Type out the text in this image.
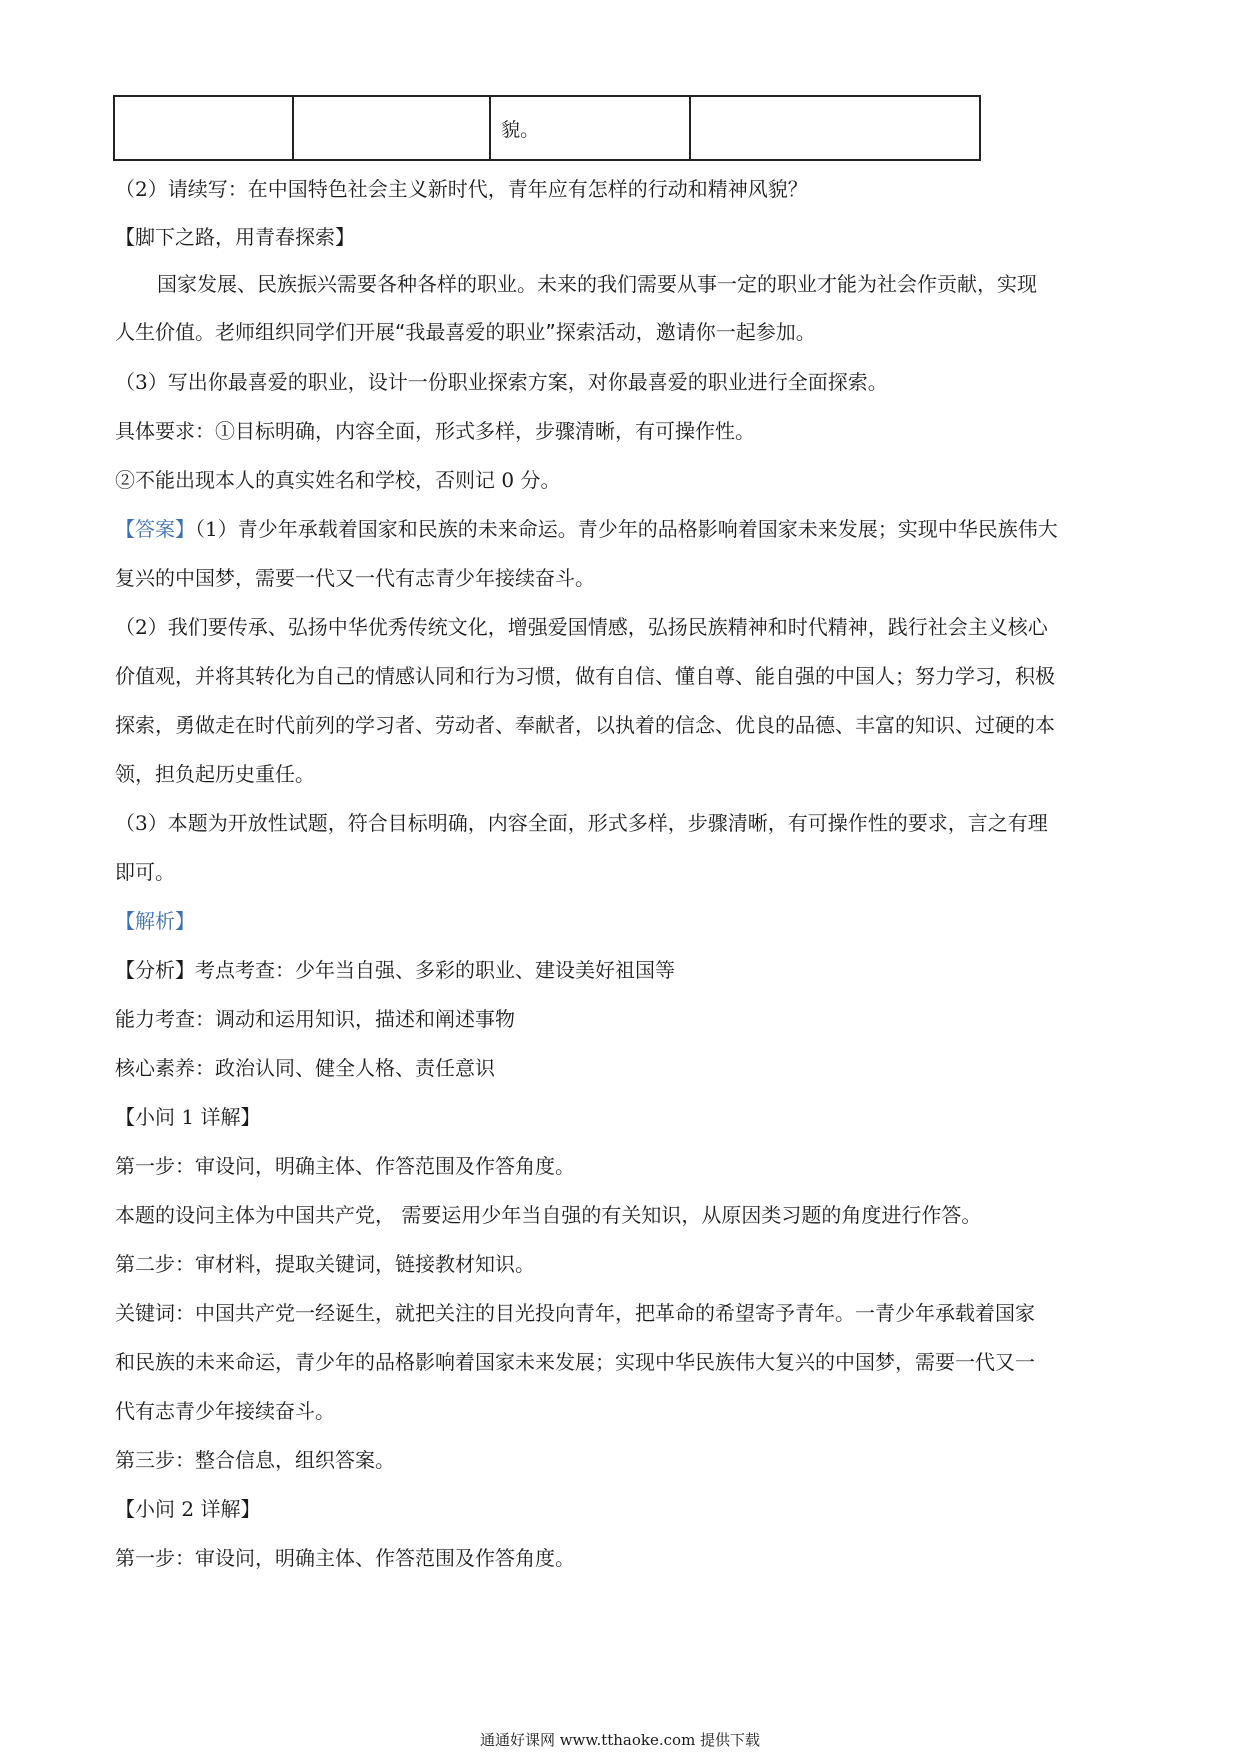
		貌。	
（2）请续写：在中国特色社会主义新时代，青年应有怎样的行动和精神风貌？
【脚下之路，用青春探索】
国家发展、民族振兴需要各种各样的职业。未来的我们需要从事一定的职业才能为社会作贡献，实现
人生价值。老师组织同学们开展“我最喜爱的职业”探索活动，邀请你一起参加。
（3）写出你最喜爱的职业，设计一份职业探索方案，对你最喜爱的职业进行全面探索。
具体要求：①目标明确，内容全面，形式多样，步骤清晰，有可操作性。
②不能出现本人的真实姓名和学校，否则记 0 分。
【答案】（1）青少年承载着国家和民族的未来命运。青少年的品格影响着国家未来发展；实现中华民族伟大
复兴的中国梦，需要一代又一代有志青少年接续奋斗。
（2）我们要传承、弘扬中华优秀传统文化，增强爱国情感，弘扬民族精神和时代精神，践行社会主义核心
价值观，并将其转化为自己的情感认同和行为习惯，做有自信、懂自尊、能自强的中国人；努力学习，积极
探索，勇做走在时代前列的学习者、劳动者、奉献者，以执着的信念、优良的品德、丰富的知识、过硬的本
领，担负起历史重任。
（3）本题为开放性试题，符合目标明确，内容全面，形式多样，步骤清晰，有可操作性的要求，言之有理
即可。
【解析】
【分析】考点考查：少年当自强、多彩的职业、建设美好祖国等
能力考查：调动和运用知识，描述和阐述事物
核心素养：政治认同、健全人格、责任意识
【小问 1 详解】
第一步：审设问，明确主体、作答范围及作答角度。
本题的设问主体为中国共产党， 需要运用少年当自强的有关知识，从原因类习题的角度进行作答。
第二步：审材料，提取关键词，链接教材知识。
关键词：中国共产党一经诞生，就把关注的目光投向青年，把革命的希望寄予青年。一青少年承载着国家
和民族的未来命运，青少年的品格影响着国家未来发展；实现中华民族伟大复兴的中国梦，需要一代又一
代有志青少年接续奋斗。
第三步：整合信息，组织答案。
【小问 2 详解】
第一步：审设问，明确主体、作答范围及作答角度。
通通好课网 www.tthaoke.com 提供下载
